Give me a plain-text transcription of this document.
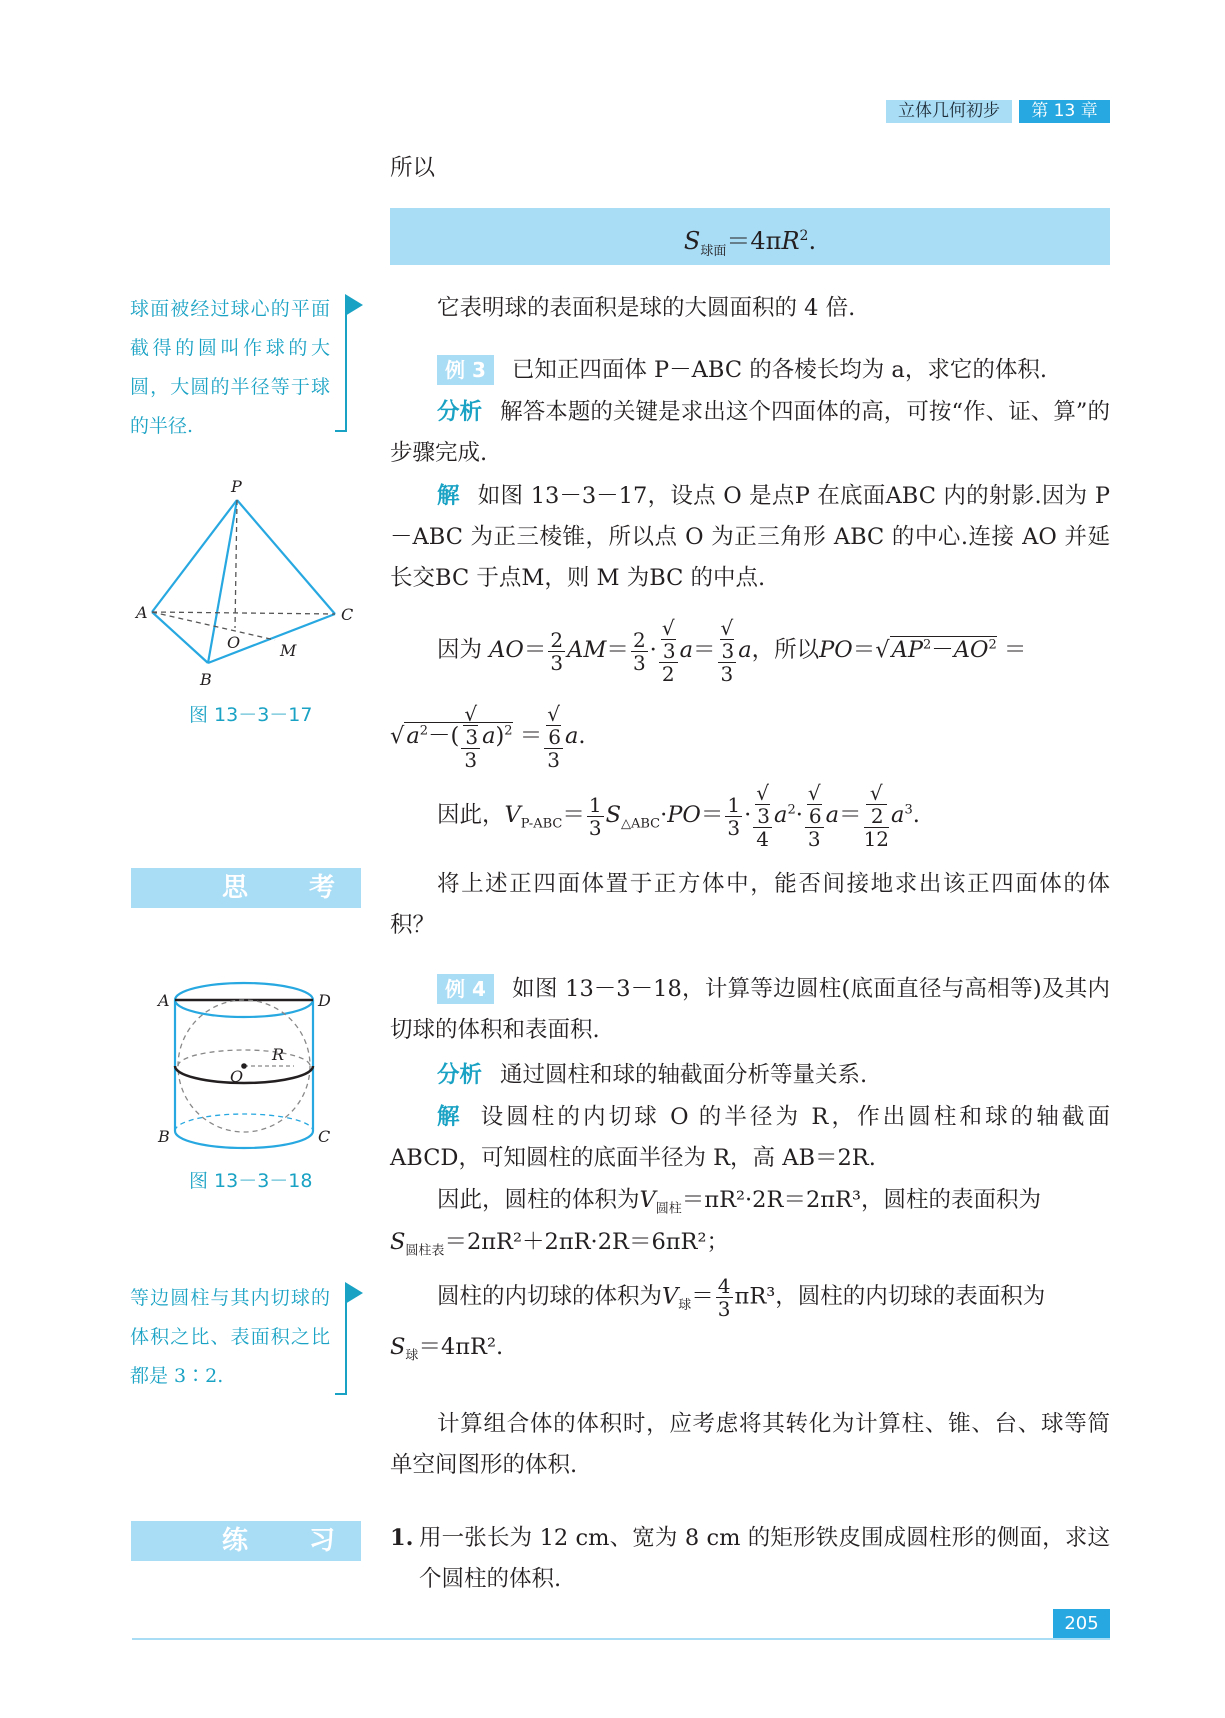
立体几何初步	第 13 章
所以
$S_{球面}=4\pi R^2$.
球面被经过球心的平面截得的圆叫作球的大圆，大圆的半径等于球的半径.
它表明球的表面积是球的大圆面积的 4 倍.
例 3 已知正四面体 P－ABC 的各棱长均为 a，求它的体积.
分析 解答本题的关键是求出这个四面体的高，可按“作、证、算”的步骤完成.
解 如图 13－3－17，设点 O 是点P 在底面ABC 内的射影.因为 P－ABC 为正三棱锥，所以点 O 为正三角形 ABC 的中心.连接 AO 并延长交BC 于点M，则 M 为BC 的中点.
因为 $AO= \frac{2}{3} AM= \frac{2}{3}$ · √
3
2 a＝ √
3
3 a，所以$PO=√AP^2-AO^2$ ＝
$√a^2-$( √
3
3 a)$^2$ ＝ √
6
3 a.
因此，$V_{P-ABC}= \frac{1}{3} S_{\triangle ABC}\cdot PO= \frac{1}{3}$ · √
3
4 $a^2\cdot$ √
6
3 a＝ √
2
12 $a^3$.
P
A	C
B
O M
图 13－3－17
思 考	将上述正四面体置于正方体中，能否间接地求出该正四面体的体积？
A	D
B	C
O
R
图 13－3－18
例 4 如图 13－3－18，计算等边圆柱(底面直径与高相等)及其内切球的体积和表面积.
分析 通过圆柱和球的轴截面分析等量关系.
解 设圆柱的内切球 O 的半径为 R，作出圆柱和球的轴截面 ABCD，可知圆柱的底面半径为 R，高 AB＝2R.
因此，圆柱的体积为$V_{圆柱}=\pi R^2\cdot 2R=2\pi R^3$，圆柱的表面积为
$S_{圆柱表}=2\pi R^2+2\pi R\cdot 2R=6\pi R^2$；
圆柱的内切球的体积为$V_球= \frac{4}{3} \pi R^3$，圆柱的内切球的表面积为
$S_球=4\pi R^2$.
等边圆柱与其内切球的体积之比、表面积之比都是 3∶2.
计算组合体的体积时，应考虑将其转化为计算柱、锥、台、球等简单空间图形的体积.
练 习 1. 用一张长为 12 cm、宽为 8 cm 的矩形铁皮围成圆柱形的侧面，求这个圆柱的体积.
205
